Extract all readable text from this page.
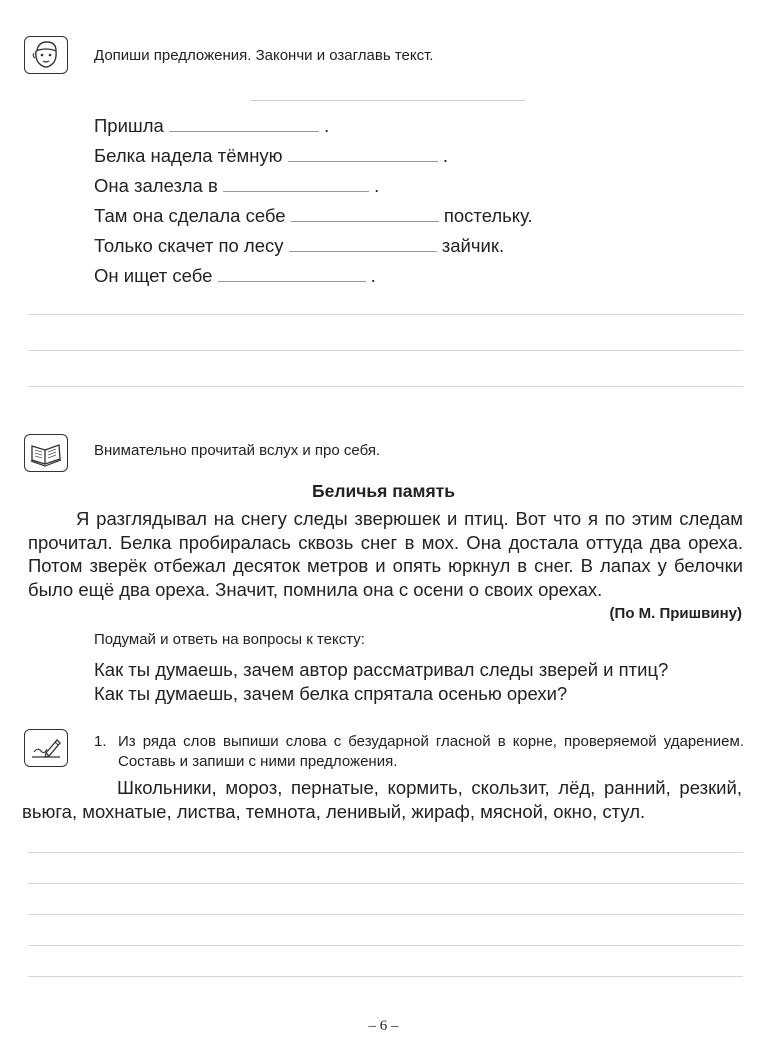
Допиши предложения. Закончи и озаглавь текст.
Пришла	.
Белка надела тёмную	.
Она залезла в	.
Там она сделала себе	постельку.
Только скачет по лесу	зайчик.
Он ищет себе	.
Внимательно прочитай вслух и про себя.
Беличья память

Я разглядывал на снегу следы зверюшек и птиц. Вот что я по этим следам прочитал. Белка пробиралась сквозь снег в мох. Она достала оттуда два ореха. Потом зверёк отбежал десяток метров и опять юркнул в снег. В лапах у белочки было ещё два ореха. Значит, помнила она с осени о своих орехах.

(По М. Пришвину)
Подумай и ответь на вопросы к тексту:
Как ты думаешь, зачем автор рассматривал следы зверей и птиц?
Как ты думаешь, зачем белка спрятала осенью орехи?
1. Из ряда слов выпиши слова с безударной гласной в корне, проверяемой ударением. Составь и запиши с ними предложения.

Школьники, мороз, пернатые, кормить, скользит, лёд, ранний, резкий, вьюга, мохнатые, листва, темнота, ленивый, жираф, мясной, окно, стул.

– 6 –
